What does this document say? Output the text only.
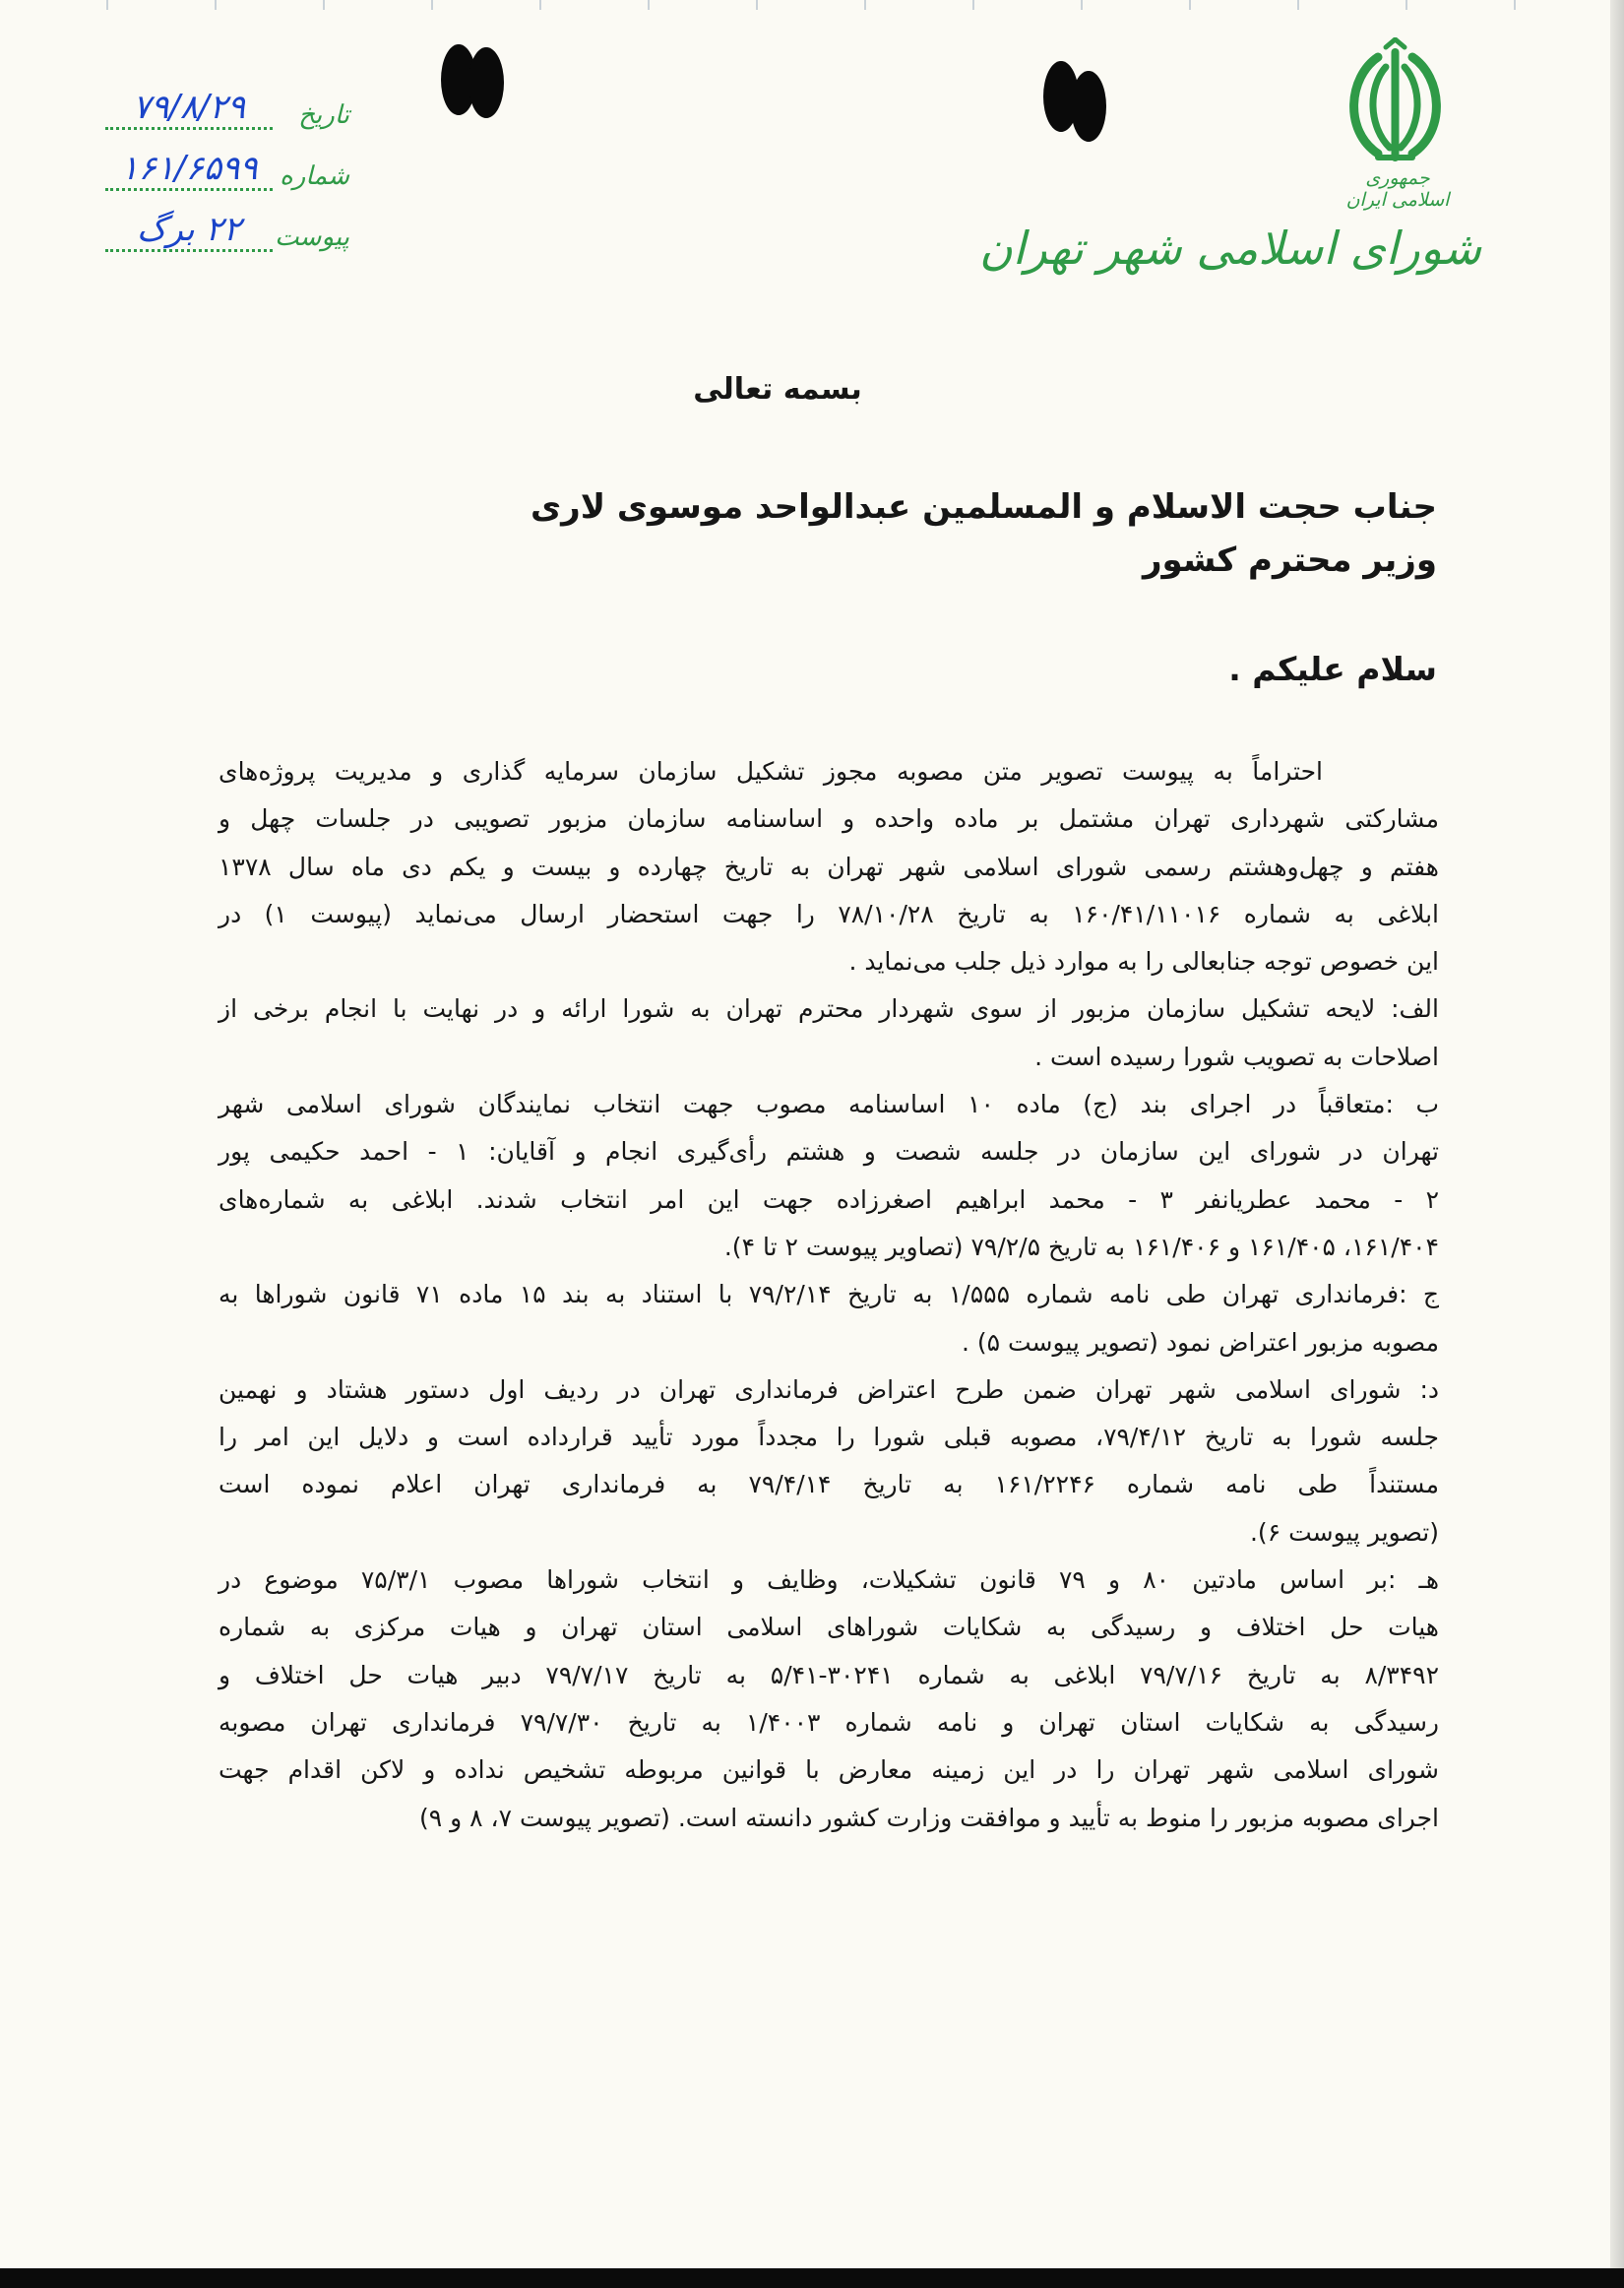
جمهوری اسلامی ایران
شورای اسلامی شهر تهران
تاریخ
۷۹/۸/۲۹
شماره
۱۶۱/۶۵۹۹
پیوست
۲۲ برگ
بسمه تعالی
جناب حجت الاسلام و المسلمین عبدالواحد موسوی لاری
وزیر محترم کشور
سلام علیکم .
احتراماً به پیوست تصویر متن مصوبه مجوز تشکیل سازمان سرمایه گذاری و مدیریت پروژه‌های
مشارکتی شهرداری تهران مشتمل بر ماده واحده و اساسنامه سازمان مزبور تصویبی در جلسات چهل و
هفتم و چهل‌وهشتم رسمی شورای اسلامی شهر تهران به تاریخ چهارده و بیست و یکم دی ماه سال ۱۳۷۸
ابلاغی به شماره ۱۶۰/۴۱/۱۱۰۱۶ به تاریخ ۷۸/۱۰/۲۸ را جهت استحضار ارسال می‌نماید (پیوست ۱) در
این خصوص توجه جنابعالی را به موارد ذیل جلب می‌نماید .
الف: لایحه تشکیل سازمان مزبور از سوی شهردار محترم تهران به شورا ارائه و در نهایت با انجام برخی از
اصلاحات به تصویب شورا رسیده است .
ب :متعاقباً در اجرای بند (ج) ماده ۱۰ اساسنامه مصوب جهت انتخاب نمایندگان شورای اسلامی شهر
تهران در شورای این سازمان در جلسه شصت و هشتم رأی‌گیری انجام و آقایان: ۱ - احمد حکیمی پور
۲ - محمد عطریانفر ۳ - محمد ابراهیم اصغرزاده جهت این امر انتخاب شدند. ابلاغی به شماره‌های
۱۶۱/۴۰۴، ۱۶۱/۴۰۵ و ۱۶۱/۴۰۶ به تاریخ ۷۹/۲/۵ (تصاویر پیوست ۲ تا ۴).
ج :فرمانداری تهران طی نامه شماره ۱/۵۵۵ به تاریخ ۷۹/۲/۱۴ با استناد به بند ۱۵ ماده ۷۱ قانون شوراها به
مصوبه مزبور اعتراض نمود (تصویر پیوست ۵) .
د: شورای اسلامی شهر تهران ضمن طرح اعتراض فرمانداری تهران در ردیف اول دستور هشتاد و نهمین
جلسه شورا به تاریخ ۷۹/۴/۱۲، مصوبه قبلی شورا را مجدداً مورد تأیید قرارداده است و دلایل این امر را
مستنداً طی نامه شماره ۱۶۱/۲۲۴۶ به تاریخ ۷۹/۴/۱۴ به فرمانداری تهران اعلام نموده است
(تصویر پیوست ۶).
هـ :بر اساس مادتین ۸۰ و ۷۹ قانون تشکیلات، وظایف و انتخاب شوراها مصوب ۷۵/۳/۱ موضوع در
هیات حل اختلاف و رسیدگی به شکایات شوراهای اسلامی استان تهران و هیات مرکزی به شماره
۸/۳۴۹۲ به تاریخ ۷۹/۷/۱۶ ابلاغی به شماره ۳۰۲۴۱-۵/۴۱ به تاریخ ۷۹/۷/۱۷ دبیر هیات حل اختلاف و
رسیدگی به شکایات استان تهران و نامه شماره ۱/۴۰۰۳ به تاریخ ۷۹/۷/۳۰ فرمانداری تهران مصوبه
شورای اسلامی شهر تهران را در این زمینه معارض با قوانین مربوطه تشخیص نداده و لاکن اقدام جهت
اجرای مصوبه مزبور را منوط به تأیید و موافقت وزارت کشور دانسته است. (تصویر پیوست ۷، ۸ و ۹)
